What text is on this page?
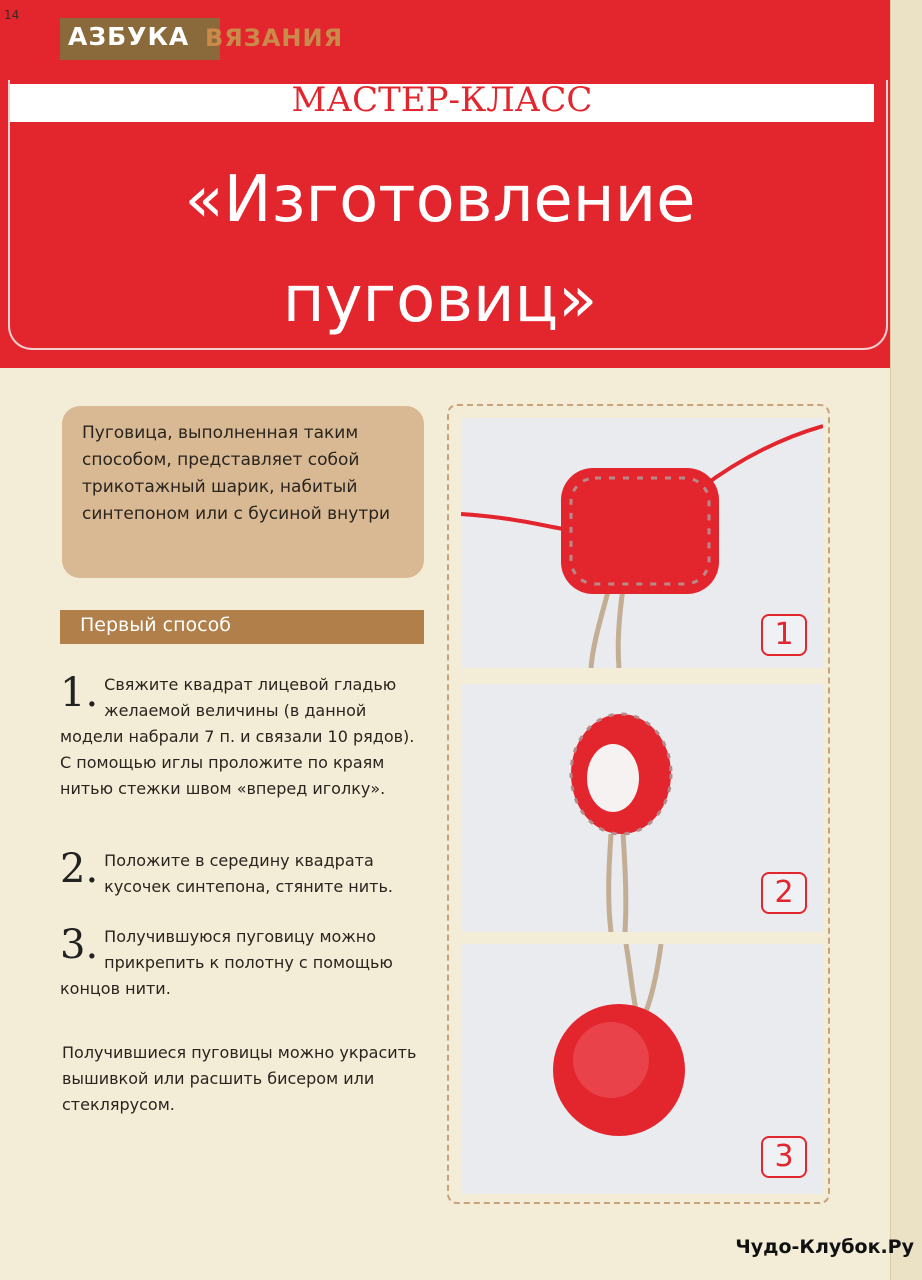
14
АЗБУКА ВЯЗАНИЯ
МАСТЕР-КЛАСС
«Изготовление
пуговиц»
Пуговица, выполненная таким способом, представляет собой трикотажный шарик, набитый синтепоном или с бусиной внутри
Первый способ
1. Свяжите квадрат лицевой гладью желаемой величины (в данной модели набрали 7 п. и связали 10 рядов). С помощью иглы проложите по краям нитью стежки швом «вперед иголку».
2. Положите в середину квадрата кусочек синтепона, стяните нить.
3. Получившуюся пуговицу можно прикрепить к полотну с помощью концов нити.
Получившиеся пуговицы можно украсить вышивкой или расшить бисером или стеклярусом.
1
2
3
Чудо-Клубок.Ру
